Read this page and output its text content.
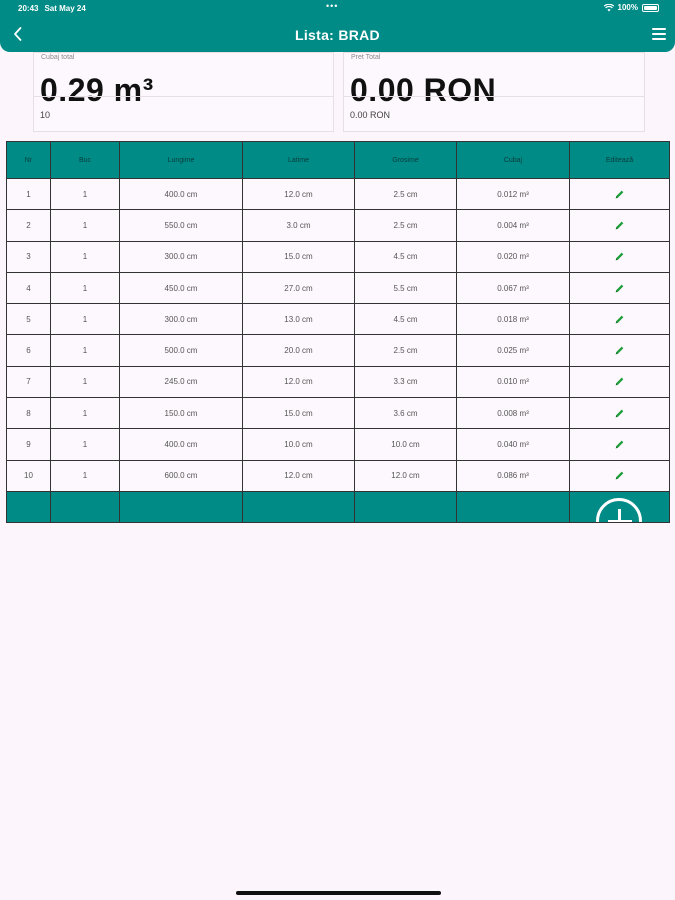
20:43 Sat May 24	•••	100%
Lista: BRAD
Cubaj total
0.29 m³
10
Pret Total
0.00 RON
0.00 RON
Nr	Buc	Lungime	Latime	Grosime	Cubaj	Editează
1	1	400.0 cm	12.0 cm	2.5 cm	0.012 m³	

2	1	550.0 cm	3.0 cm	2.5 cm	0.004 m³	

3	1	300.0 cm	15.0 cm	4.5 cm	0.020 m³	

4	1	450.0 cm	27.0 cm	5.5 cm	0.067 m³	

5	1	300.0 cm	13.0 cm	4.5 cm	0.018 m³	

6	1	500.0 cm	20.0 cm	2.5 cm	0.025 m³	

7	1	245.0 cm	12.0 cm	3.3 cm	0.010 m³	

8	1	150.0 cm	15.0 cm	3.6 cm	0.008 m³	

9	1	400.0 cm	10.0 cm	10.0 cm	0.040 m³	

10	1	600.0 cm	12.0 cm	12.0 cm	0.086 m³	
